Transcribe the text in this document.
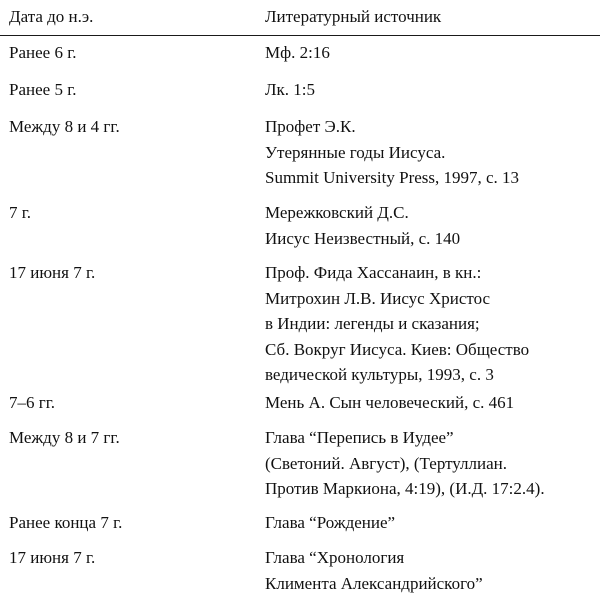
Дата до н.э.	Литературный источник
Ранее 6 г.	Мф. 2:16
Ранее 5 г.	Лк. 1:5
Между 8 и 4 гг.	Профет Э.К.
Утерянные годы Иисуса.
Summit University Press, 1997, с. 13
7 г.	Мережковский Д.С.
Иисус Неизвестный, с. 140
17 июня 7 г.	Проф. Фида Хассанаин, в кн.:
Митрохин Л.В. Иисус Христос
в Индии: легенды и сказания;
Сб. Вокруг Иисуса. Киев: Общество
ведической культуры, 1993, с. 3
7–6 гг.	Мень А. Сын человеческий, с. 461
Между 8 и 7 гг.	Глава “Перепись в Иудее”
(Светоний. Август), (Тертуллиан.
Против Маркиона, 4:19), (И.Д. 17:2.4).
Ранее конца 7 г.	Глава “Рождение”
17 июня 7 г.	Глава “Хронология
Климента Александрийского”
